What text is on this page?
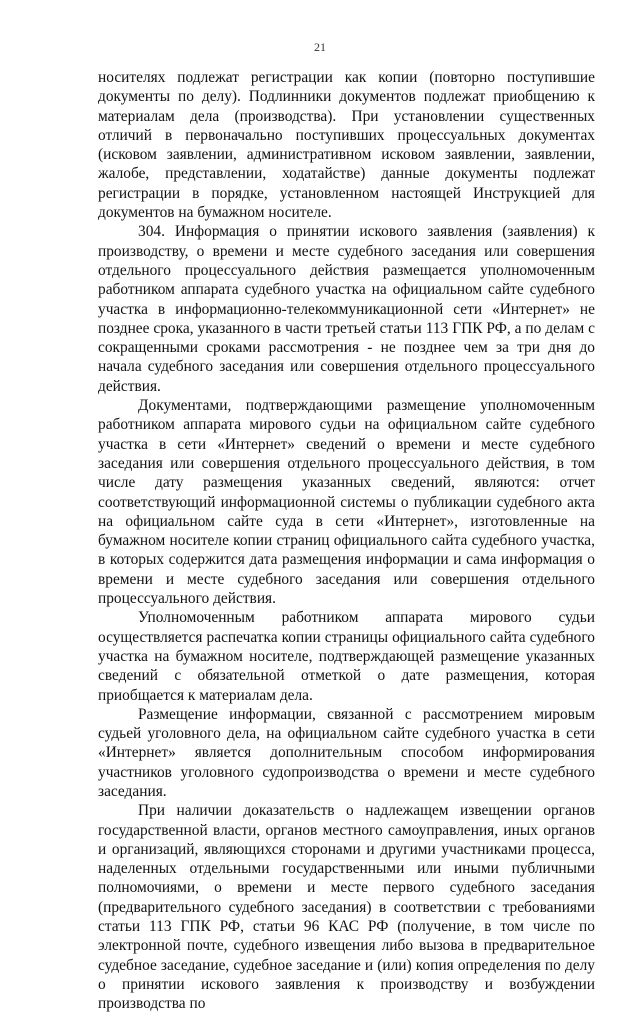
21

носителях подлежат регистрации как копии (повторно поступившие документы по делу). Подлинники документов подлежат приобщению к материалам дела (производства). При установлении существенных отличий в первоначально поступивших процессуальных документах (исковом заявлении, административном исковом заявлении, заявлении, жалобе, представлении, ходатайстве) данные документы подлежат регистрации в порядке, установленном настоящей Инструкцией для документов на бумажном носителе.

304. Информация о принятии искового заявления (заявления) к производству, о времени и месте судебного заседания или совершения отдельного процессуального действия размещается уполномоченным работником аппарата судебного участка на официальном сайте судебного участка в информационно-телекоммуникационной сети «Интернет» не позднее срока, указанного в части третьей статьи 113 ГПК РФ, а по делам с сокращенными сроками рассмотрения - не позднее чем за три дня до начала судебного заседания или совершения отдельного процессуального действия.

Документами, подтверждающими размещение уполномоченным работником аппарата мирового судьи на официальном сайте судебного участка в сети «Интернет» сведений о времени и месте судебного заседания или совершения отдельного процессуального действия, в том числе дату размещения указанных сведений, являются: отчет соответствующий информационной системы о публикации судебного акта на официальном сайте суда в сети «Интернет», изготовленные на бумажном носителе копии страниц официального сайта судебного участка, в которых содержится дата размещения информации и сама информация о времени и месте судебного заседания или совершения отдельного процессуального действия.

Уполномоченным работником аппарата мирового судьи осуществляется распечатка копии страницы официального сайта судебного участка на бумажном носителе, подтверждающей размещение указанных сведений с обязательной отметкой о дате размещения, которая приобщается к материалам дела.

Размещение информации, связанной с рассмотрением мировым судьей уголовного дела, на официальном сайте судебного участка в сети «Интернет» является дополнительным способом информирования участников уголовного судопроизводства о времени и месте судебного заседания.

При наличии доказательств о надлежащем извещении органов государственной власти, органов местного самоуправления, иных органов и организаций, являющихся сторонами и другими участниками процесса, наделенных отдельными государственными или иными публичными полномочиями, о времени и месте первого судебного заседания (предварительного судебного заседания) в соответствии с требованиями статьи 113 ГПК РФ, статьи 96 КАС РФ (получение, в том числе по электронной почте, судебного извещения либо вызова в предварительное судебное заседание, судебное заседание и (или) копия определения по делу о принятии искового заявления к производству и возбуждении производства по
